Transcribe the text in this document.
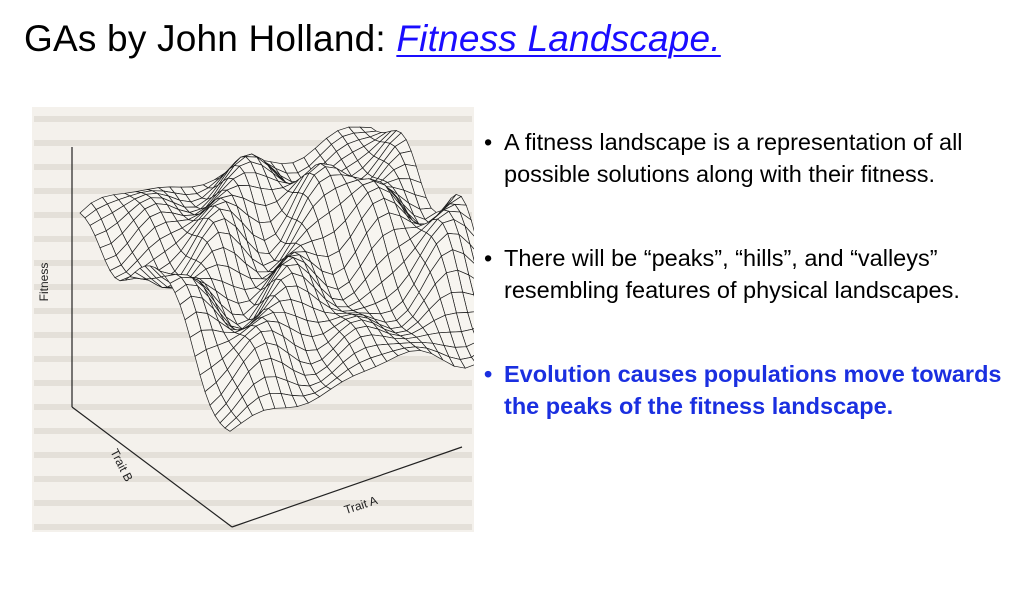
GAs by John Holland: Fitness Landscape.
Fitness
Trait A
Trait B
• A fitness landscape is a representation of all possible solutions along with their fitness.
• There will be “peaks”, “hills”, and “valleys” resembling features of physical landscapes.
• Evolution causes populations move towards the peaks of the fitness landscape.
